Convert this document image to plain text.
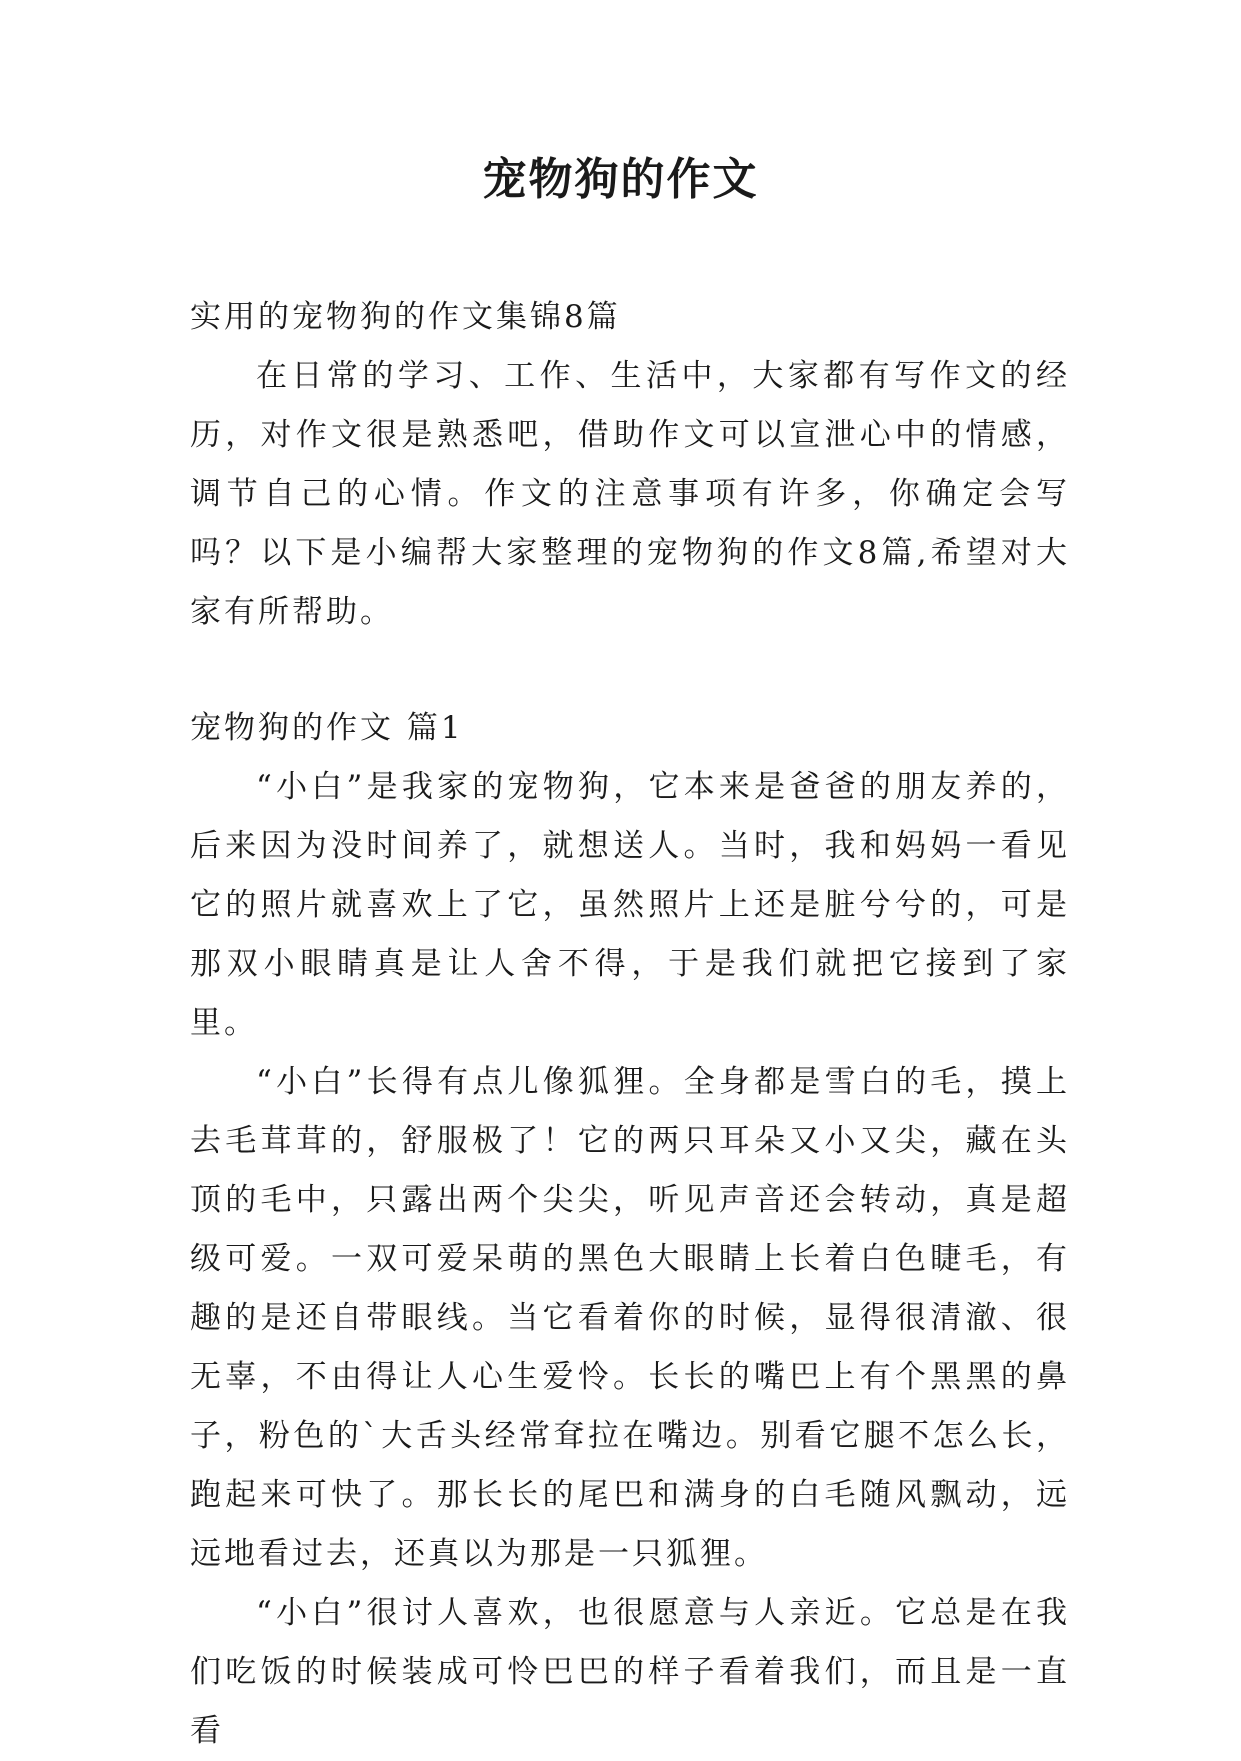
宠物狗的作文

实用的宠物狗的作文集锦8篇

在日常的学习、工作、生活中，大家都有写作文的经历，对作文很是熟悉吧，借助作文可以宣泄心中的情感，调节自己的心情。作文的注意事项有许多，你确定会写吗？以下是小编帮大家整理的宠物狗的作文8篇,希望对大家有所帮助。

宠物狗的作文 篇1

“小白”是我家的宠物狗，它本来是爸爸的朋友养的，后来因为没时间养了，就想送人。当时，我和妈妈一看见它的照片就喜欢上了它，虽然照片上还是脏兮兮的，可是那双小眼睛真是让人舍不得，于是我们就把它接到了家里。

“小白”长得有点儿像狐狸。全身都是雪白的毛，摸上去毛茸茸的，舒服极了！它的两只耳朵又小又尖，藏在头顶的毛中，只露出两个尖尖，听见声音还会转动，真是超级可爱。一双可爱呆萌的黑色大眼睛上长着白色睫毛，有趣的是还自带眼线。当它看着你的时候，显得很清澈、很无辜，不由得让人心生爱怜。长长的嘴巴上有个黑黑的鼻子，粉色的`大舌头经常耷拉在嘴边。别看它腿不怎么长，跑起来可快了。那长长的尾巴和满身的白毛随风飘动，远远地看过去，还真以为那是一只狐狸。

“小白”很讨人喜欢，也很愿意与人亲近。它总是在我们吃饭的时候装成可怜巴巴的样子看着我们，而且是一直看
